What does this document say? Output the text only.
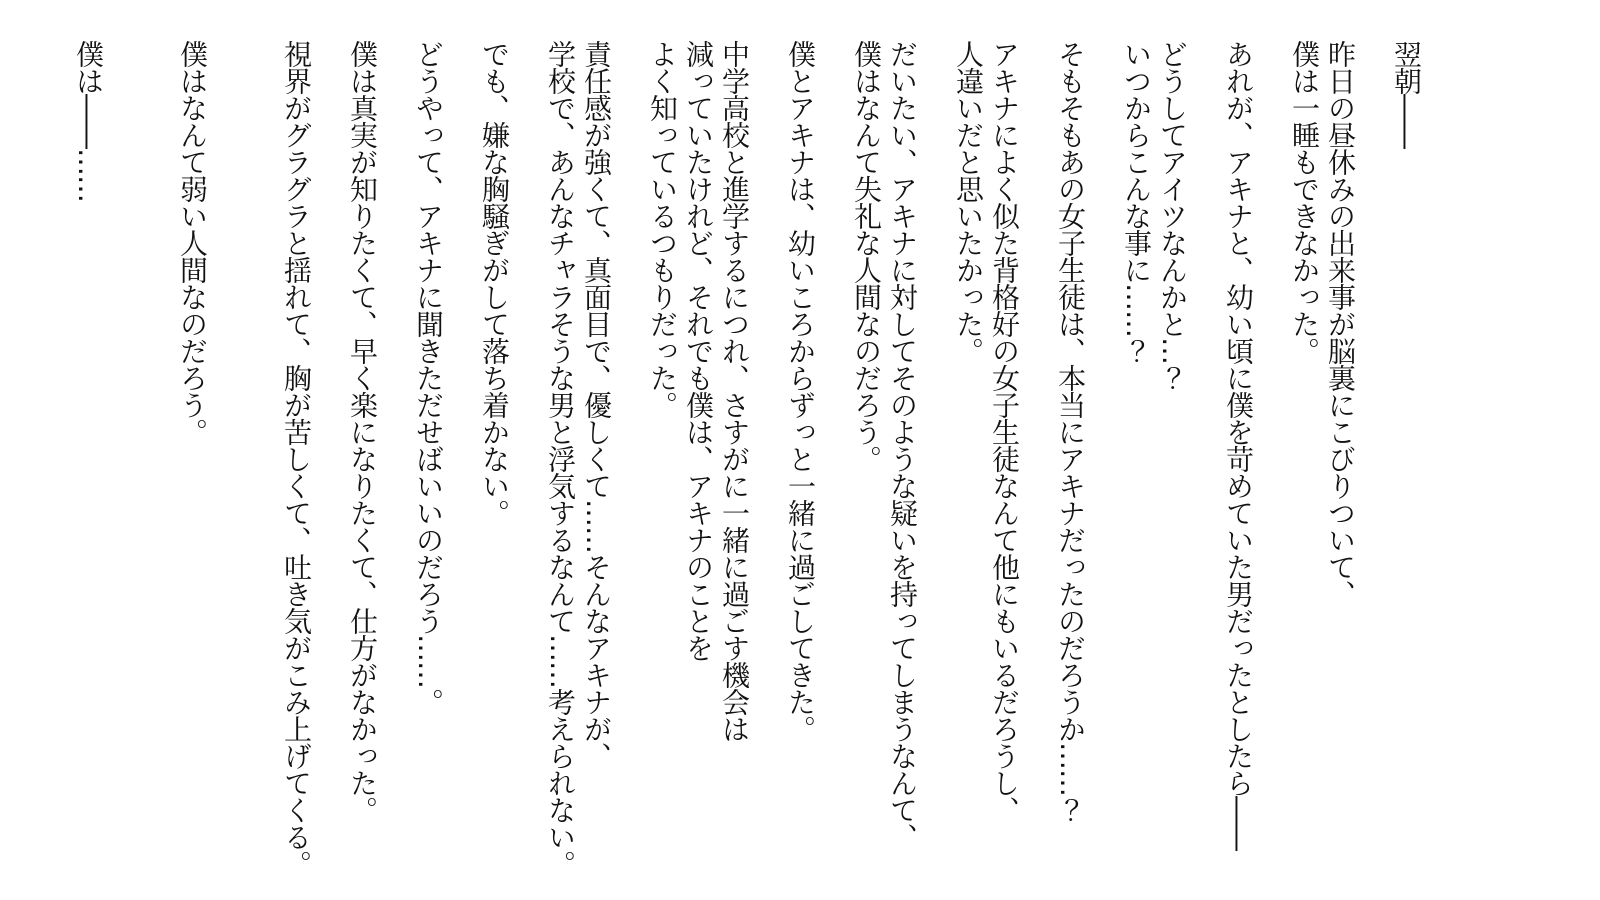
翌朝――
昨日の昼休みの出来事が脳裏にこびりついて、
僕は一睡もできなかった。
あれが、アキナと、幼い頃に僕を苛めていた男だったとしたら――
どうしてアイツなんかと…？
いつからこんな事に……？
そもそもあの女子生徒は、本当にアキナだったのだろうか……？
アキナによく似た背格好の女子生徒なんて他にもいるだろうし、
人違いだと思いたかった。
だいたい、アキナに対してそのような疑いを持ってしまうなんて、
僕はなんて失礼な人間なのだろう。
僕とアキナは、幼いころからずっと一緒に過ごしてきた。
中学高校と進学するにつれ、さすがに一緒に過ごす機会は
減っていたけれど、それでも僕は、アキナのことを
よく知っているつもりだった。
責任感が強くて、真面目で、優しくて……そんなアキナが、
学校で、あんなチャラそうな男と浮気するなんて……考えられない。
でも、嫌な胸騒ぎがして落ち着かない。
どうやって、アキナに聞きただせばいいのだろう……。
僕は真実が知りたくて、早く楽になりたくて、仕方がなかった。
視界がグラグラと揺れて、胸が苦しくて、吐き気がこみ上げてくる。
僕はなんて弱い人間なのだろう。
僕は――……
